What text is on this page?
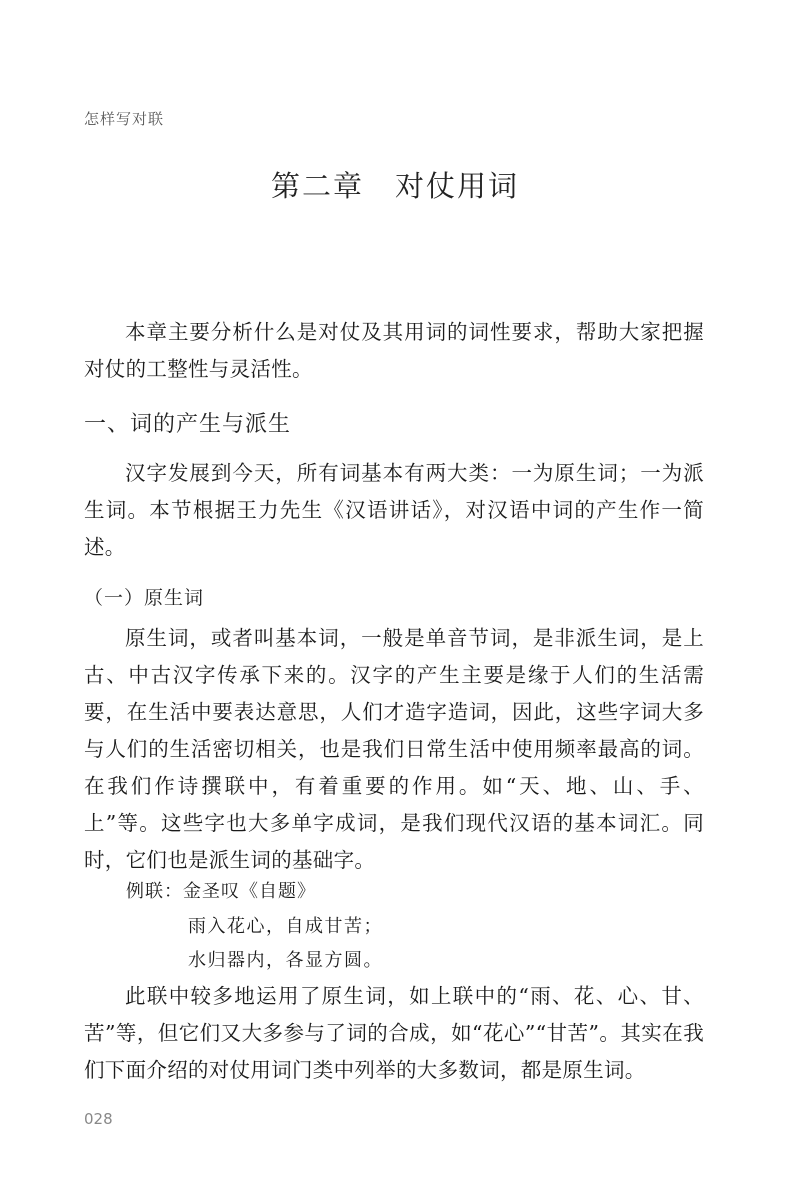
怎样写对联
第二章　对仗用词
本章主要分析什么是对仗及其用词的词性要求，帮助大家把握对仗的工整性与灵活性。
一、词的产生与派生
汉字发展到今天，所有词基本有两大类：一为原生词；一为派生词。本节根据王力先生《汉语讲话》，对汉语中词的产生作一简述。
（一）原生词
原生词，或者叫基本词，一般是单音节词，是非派生词，是上古、中古汉字传承下来的。汉字的产生主要是缘于人们的生活需要，在生活中要表达意思，人们才造字造词，因此，这些字词大多与人们的生活密切相关，也是我们日常生活中使用频率最高的词。在我们作诗撰联中，有着重要的作用。如“天、地、山、手、上”等。这些字也大多单字成词，是我们现代汉语的基本词汇。同时，它们也是派生词的基础字。
例联：金圣叹《自题》
雨入花心，自成甘苦；
水归器内，各显方圆。
此联中较多地运用了原生词，如上联中的“雨、花、心、甘、苦”等，但它们又大多参与了词的合成，如“花心”“甘苦”。其实在我们下面介绍的对仗用词门类中列举的大多数词，都是原生词。
028
